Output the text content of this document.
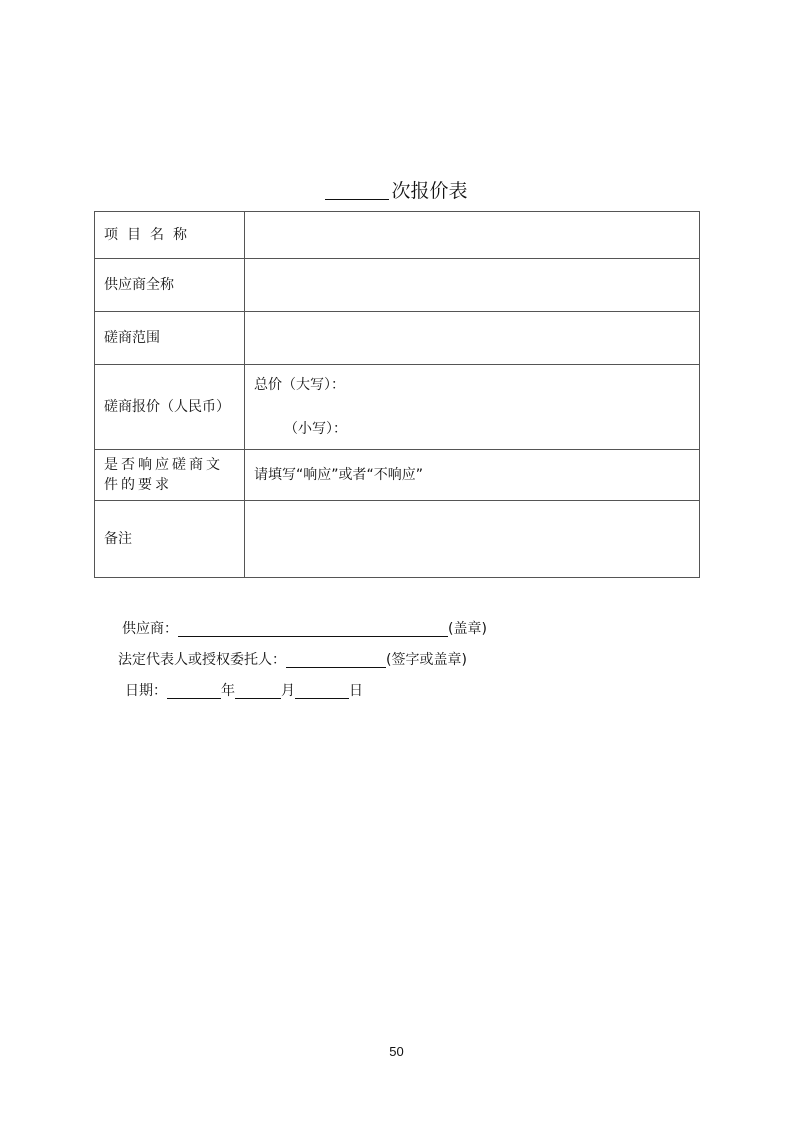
次报价表
项目名称	
供应商全称	
磋商范围	
磋商报价（人民币）	总价（大写）：
（小写）：

是否响应磋商文件的要求	请填写“响应”或者“不响应”
备注	
供应商：	(盖章)
法定代表人或授权委托人：	(签字或盖章)
日期：	年	月	日
50
